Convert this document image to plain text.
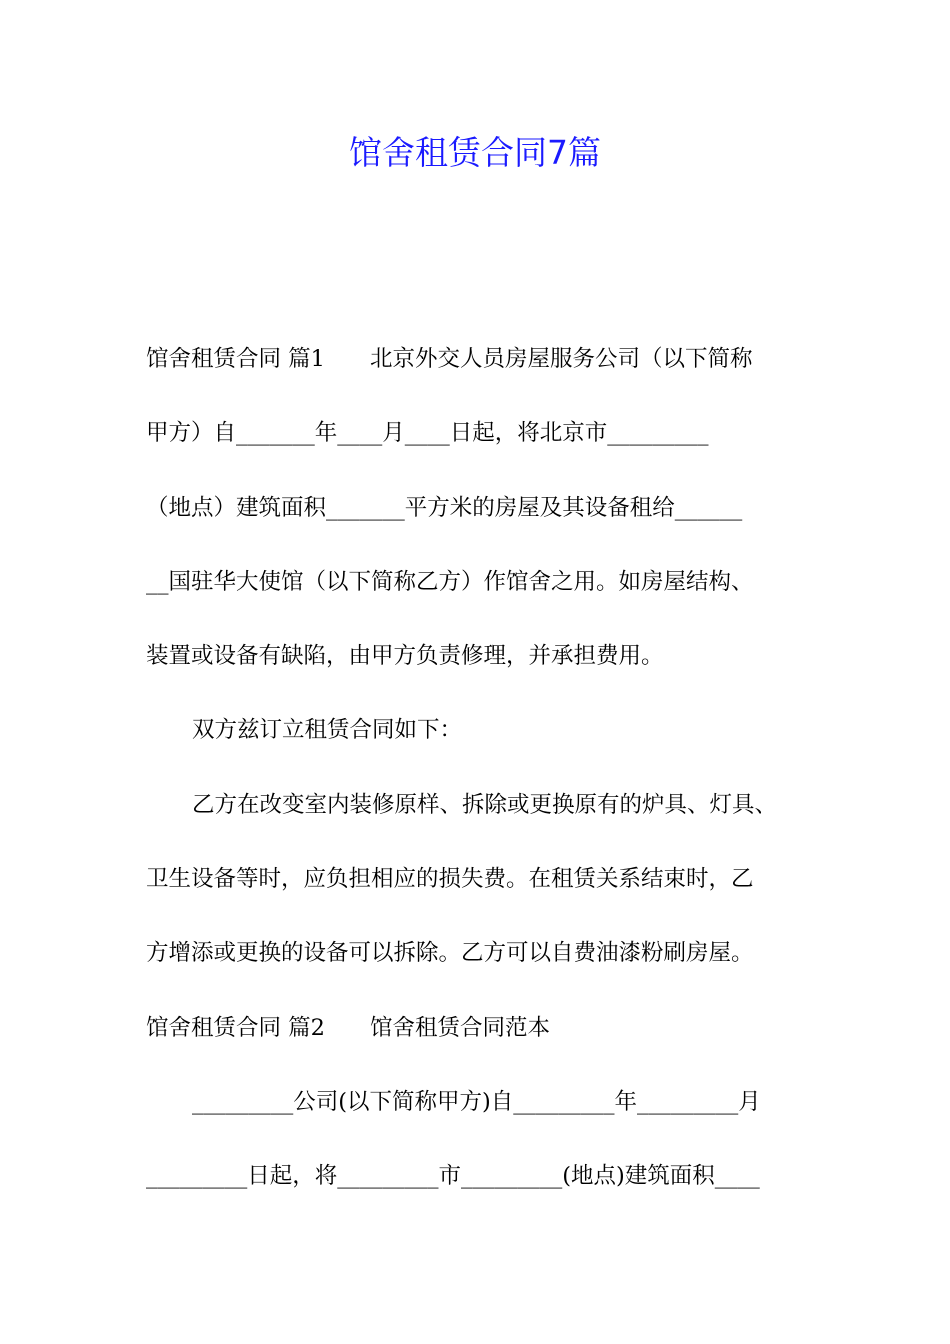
馆舍租赁合同7篇
馆舍租赁合同 篇1　　北京外交人员房屋服务公司（以下简称
甲方）自_______年____月____日起，将北京市_________
（地点）建筑面积_______平方米的房屋及其设备租给______
__国驻华大使馆（以下简称乙方）作馆舍之用。如房屋结构、
装置或设备有缺陷，由甲方负责修理，并承担费用。
双方兹订立租赁合同如下：
乙方在改变室内装修原样、拆除或更换原有的炉具、灯具、
卫生设备等时，应负担相应的损失费。在租赁关系结束时，乙
方增添或更换的设备可以拆除。乙方可以自费油漆粉刷房屋。
馆舍租赁合同 篇2　　馆舍租赁合同范本
_________公司(以下简称甲方)自_________年_________月
_________日起，将_________市_________(地点)建筑面积____
